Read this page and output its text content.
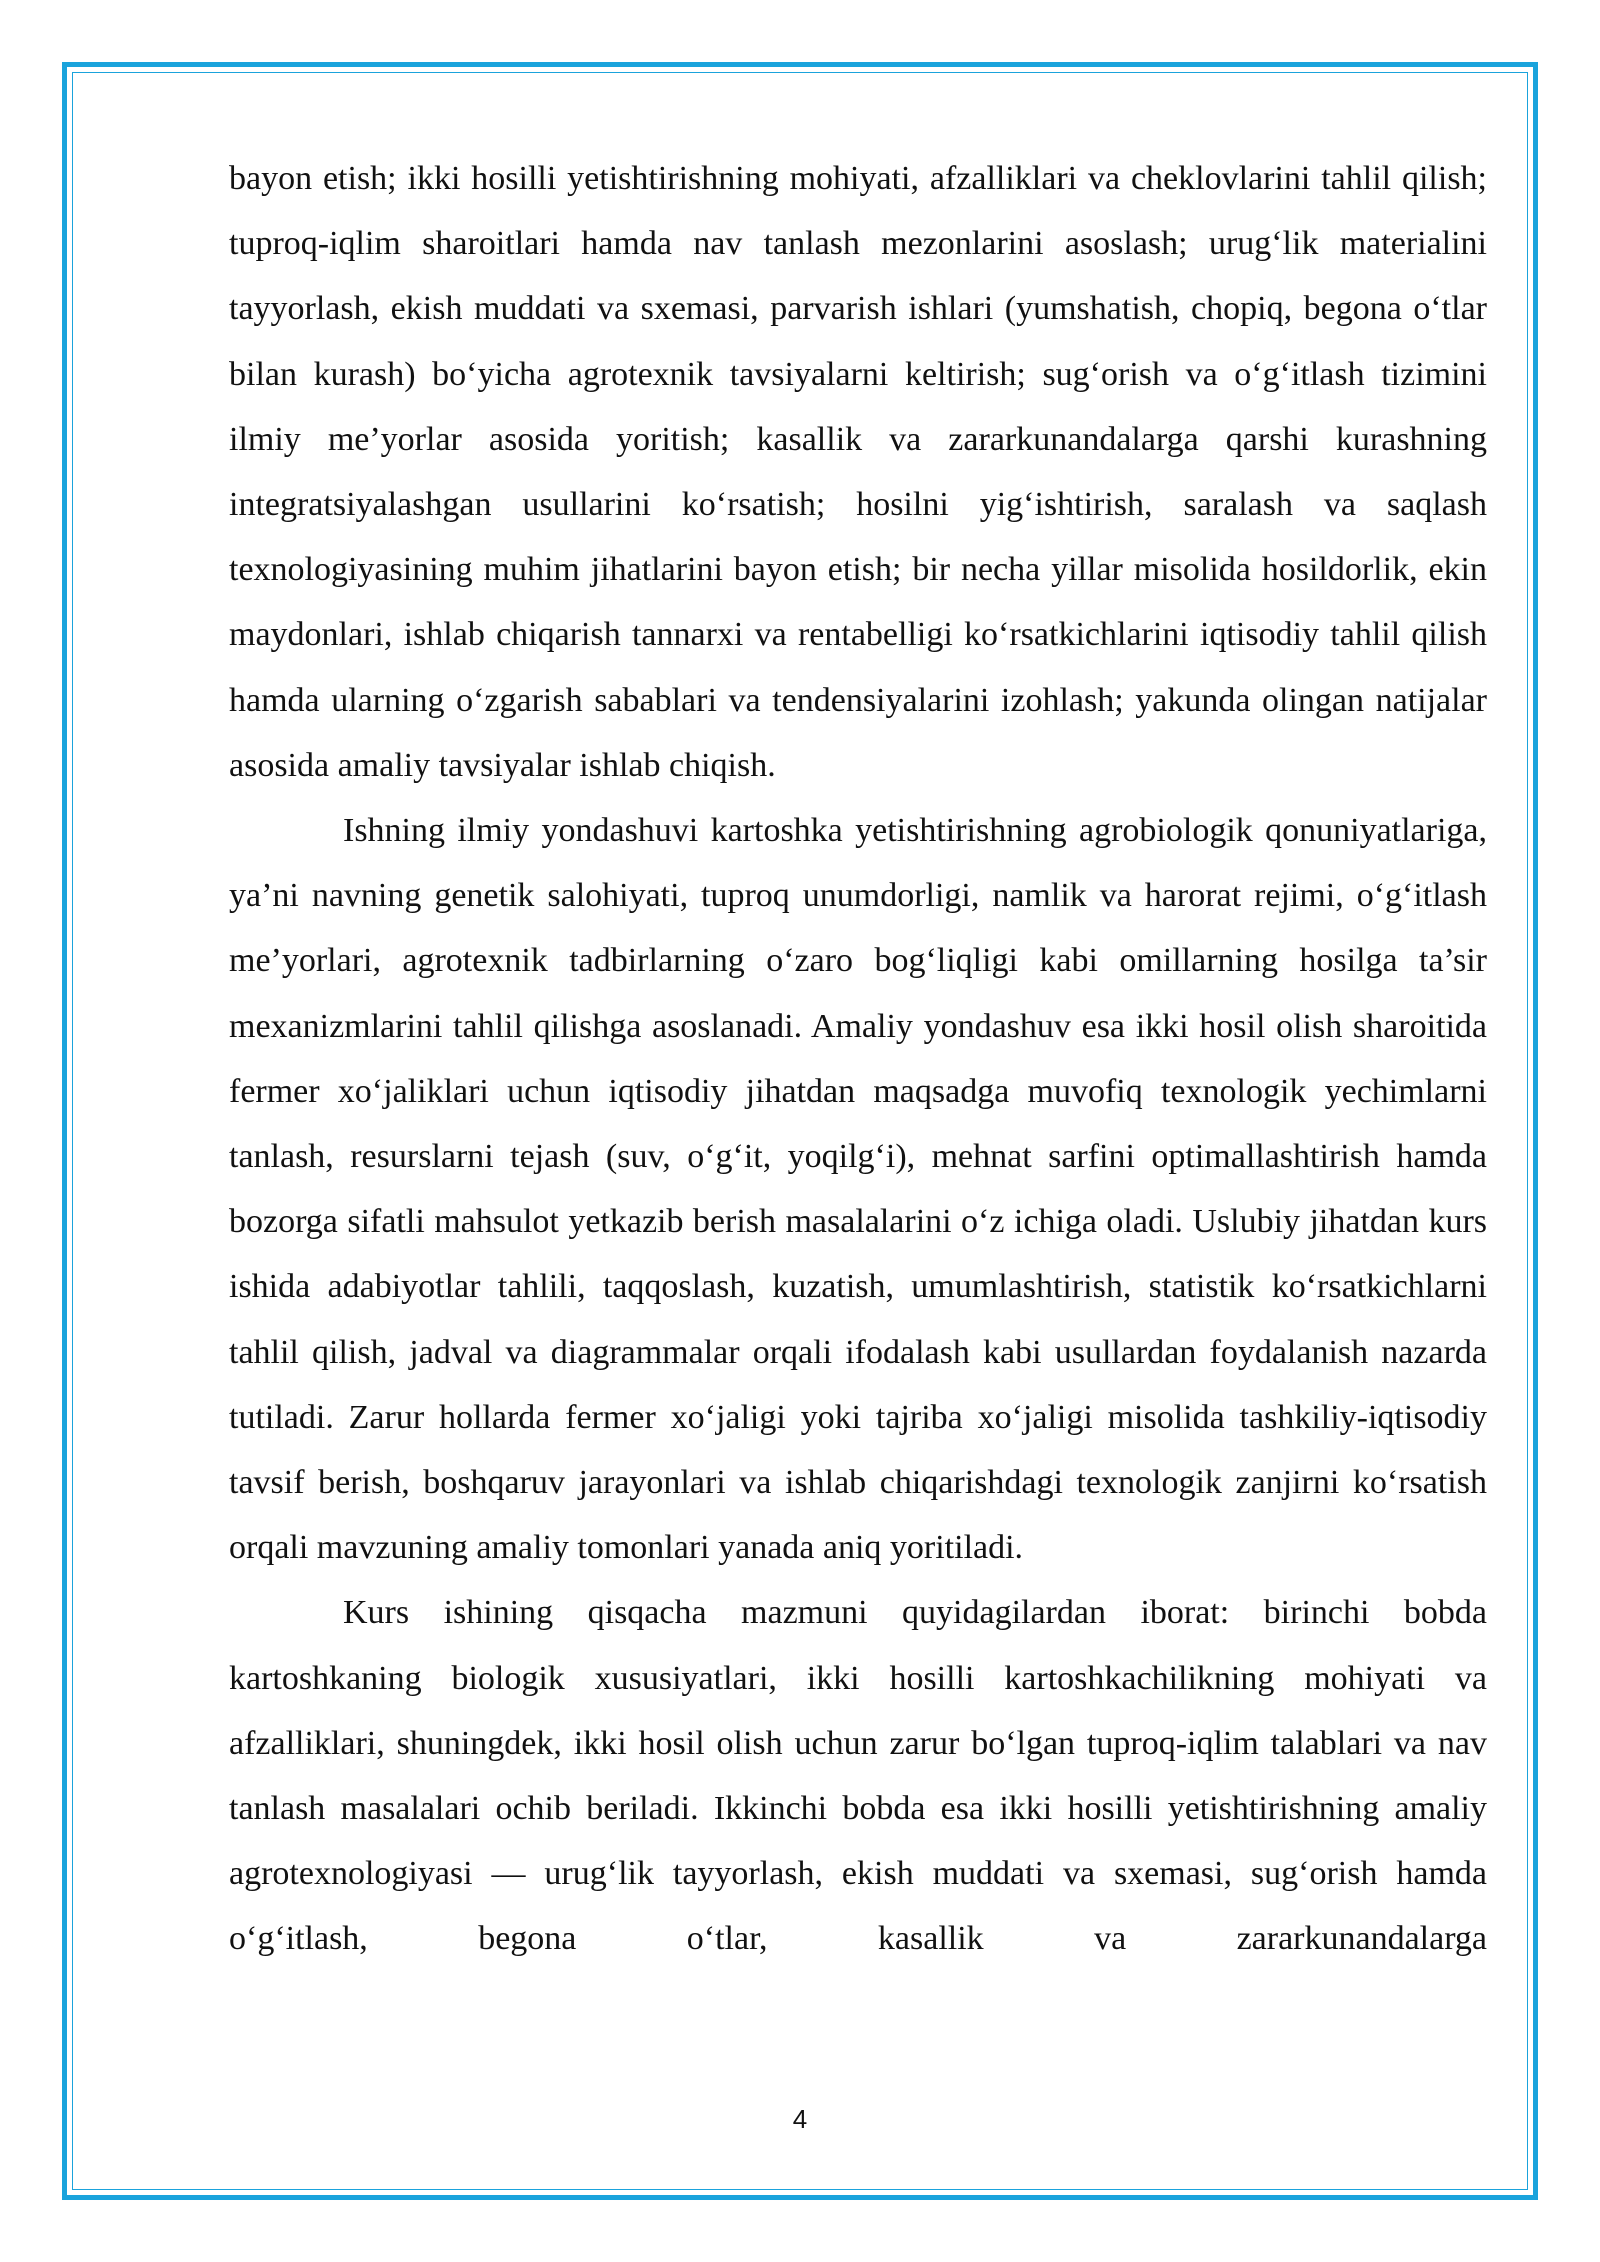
bayon etish; ikki hosilli yetishtirishning mohiyati, afzalliklari va cheklovlarini tahlil qilish; tuproq-iqlim sharoitlari hamda nav tanlash mezonlarini asoslash; urug‘lik materialini tayyorlash, ekish muddati va sxemasi, parvarish ishlari (yumshatish, chopiq, begona o‘tlar bilan kurash) bo‘yicha agrotexnik tavsiyalarni keltirish; sug‘orish va o‘g‘itlash tizimini ilmiy me’yorlar asosida yoritish; kasallik va zararkunandalarga qarshi kurashning integratsiyalashgan usullarini ko‘rsatish; hosilni yig‘ishtirish, saralash va saqlash texnologiyasining muhim jihatlarini bayon etish; bir necha yillar misolida hosildorlik, ekin maydonlari, ishlab chiqarish tannarxi va rentabelligi ko‘rsatkichlarini iqtisodiy tahlil qilish hamda ularning o‘zgarish sabablari va tendensiyalarini izohlash; yakunda olingan natijalar asosida amaliy tavsiyalar ishlab chiqish.

Ishning ilmiy yondashuvi kartoshka yetishtirishning agrobiologik qonuniyatlariga, ya’ni navning genetik salohiyati, tuproq unumdorligi, namlik va harorat rejimi, o‘g‘itlash me’yorlari, agrotexnik tadbirlarning o‘zaro bog‘liqligi kabi omillarning hosilga ta’sir mexanizmlarini tahlil qilishga asoslanadi. Amaliy yondashuv esa ikki hosil olish sharoitida fermer xo‘jaliklari uchun iqtisodiy jihatdan maqsadga muvofiq texnologik yechimlarni tanlash, resurslarni tejash (suv, o‘g‘it, yoqilg‘i), mehnat sarfini optimallashtirish hamda bozorga sifatli mahsulot yetkazib berish masalalarini o‘z ichiga oladi. Uslubiy jihatdan kurs ishida adabiyotlar tahlili, taqqoslash, kuzatish, umumlashtirish, statistik ko‘rsatkichlarni tahlil qilish, jadval va diagrammalar orqali ifodalash kabi usullardan foydalanish nazarda tutiladi. Zarur hollarda fermer xo‘jaligi yoki tajriba xo‘jaligi misolida tashkiliy-iqtisodiy tavsif berish, boshqaruv jarayonlari va ishlab chiqarishdagi texnologik zanjirni ko‘rsatish orqali mavzuning amaliy tomonlari yanada aniq yoritiladi.

Kurs ishining qisqacha mazmuni quyidagilardan iborat: birinchi bobda kartoshkaning biologik xususiyatlari, ikki hosilli kartoshkachilikning mohiyati va afzalliklari, shuningdek, ikki hosil olish uchun zarur bo‘lgan tuproq-iqlim talablari va nav tanlash masalalari ochib beriladi. Ikkinchi bobda esa ikki hosilli yetishtirishning amaliy agrotexnologiyasi — urug‘lik tayyorlash, ekish muddati va sxemasi, sug‘orish hamda o‘g‘itlash, begona o‘tlar, kasallik va zararkunandalarga

4
